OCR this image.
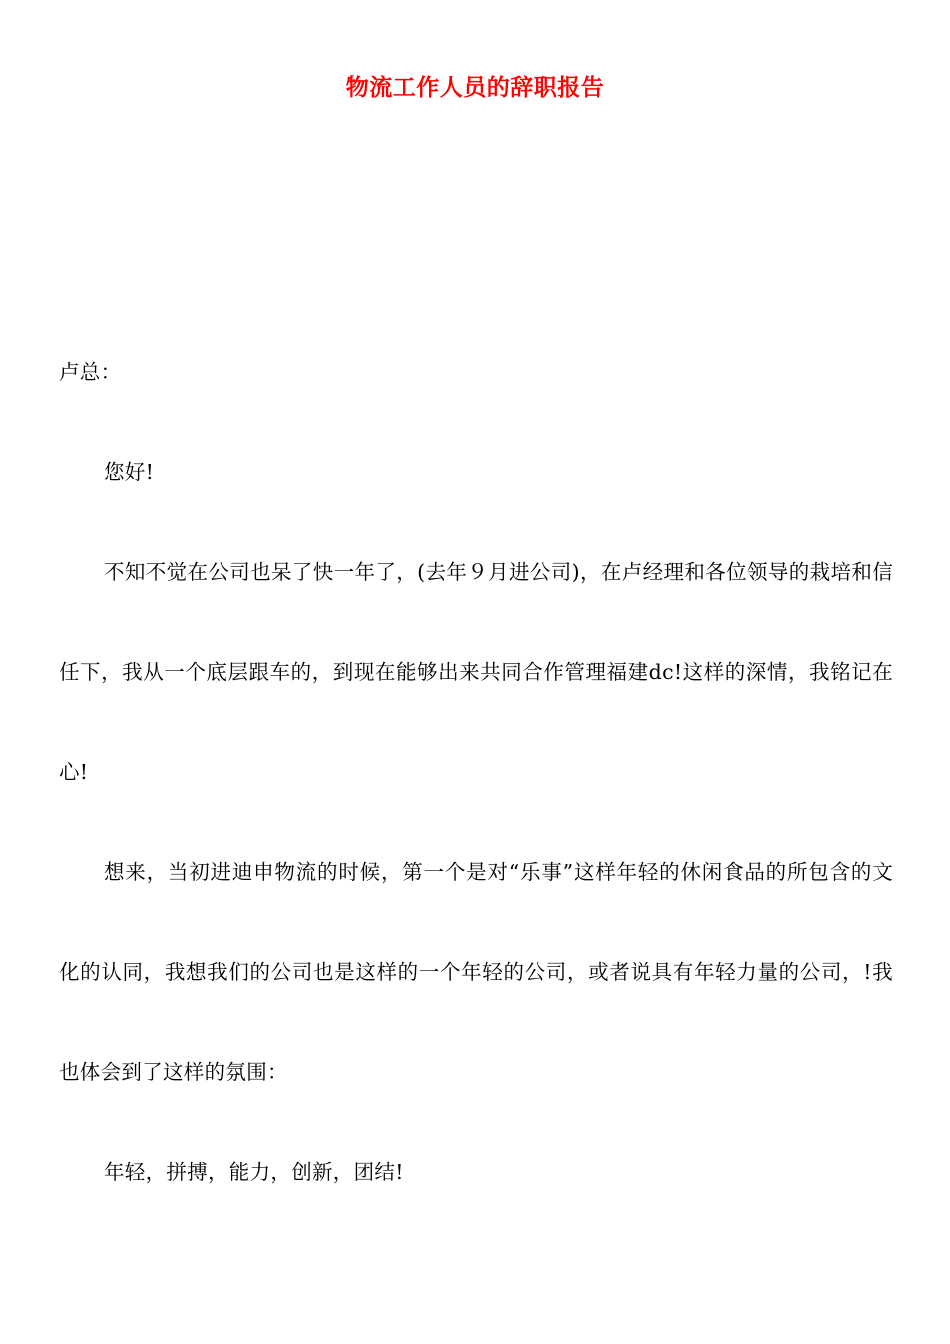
物流工作人员的辞职报告

卢总：

您好!

不知不觉在公司也呆了快一年了，(去年９月进公司)，在卢经理和各位领导的栽培和信任下，我从一个底层跟车的，到现在能够出来共同合作管理福建dc!这样的深情，我铭记在心!

想来，当初进迪申物流的时候，第一个是对“乐事”这样年轻的休闲食品的所包含的文化的认同，我想我们的公司也是这样的一个年轻的公司，或者说具有年轻力量的公司，!我也体会到了这样的氛围：

年轻，拼搏，能力，创新，团结!
